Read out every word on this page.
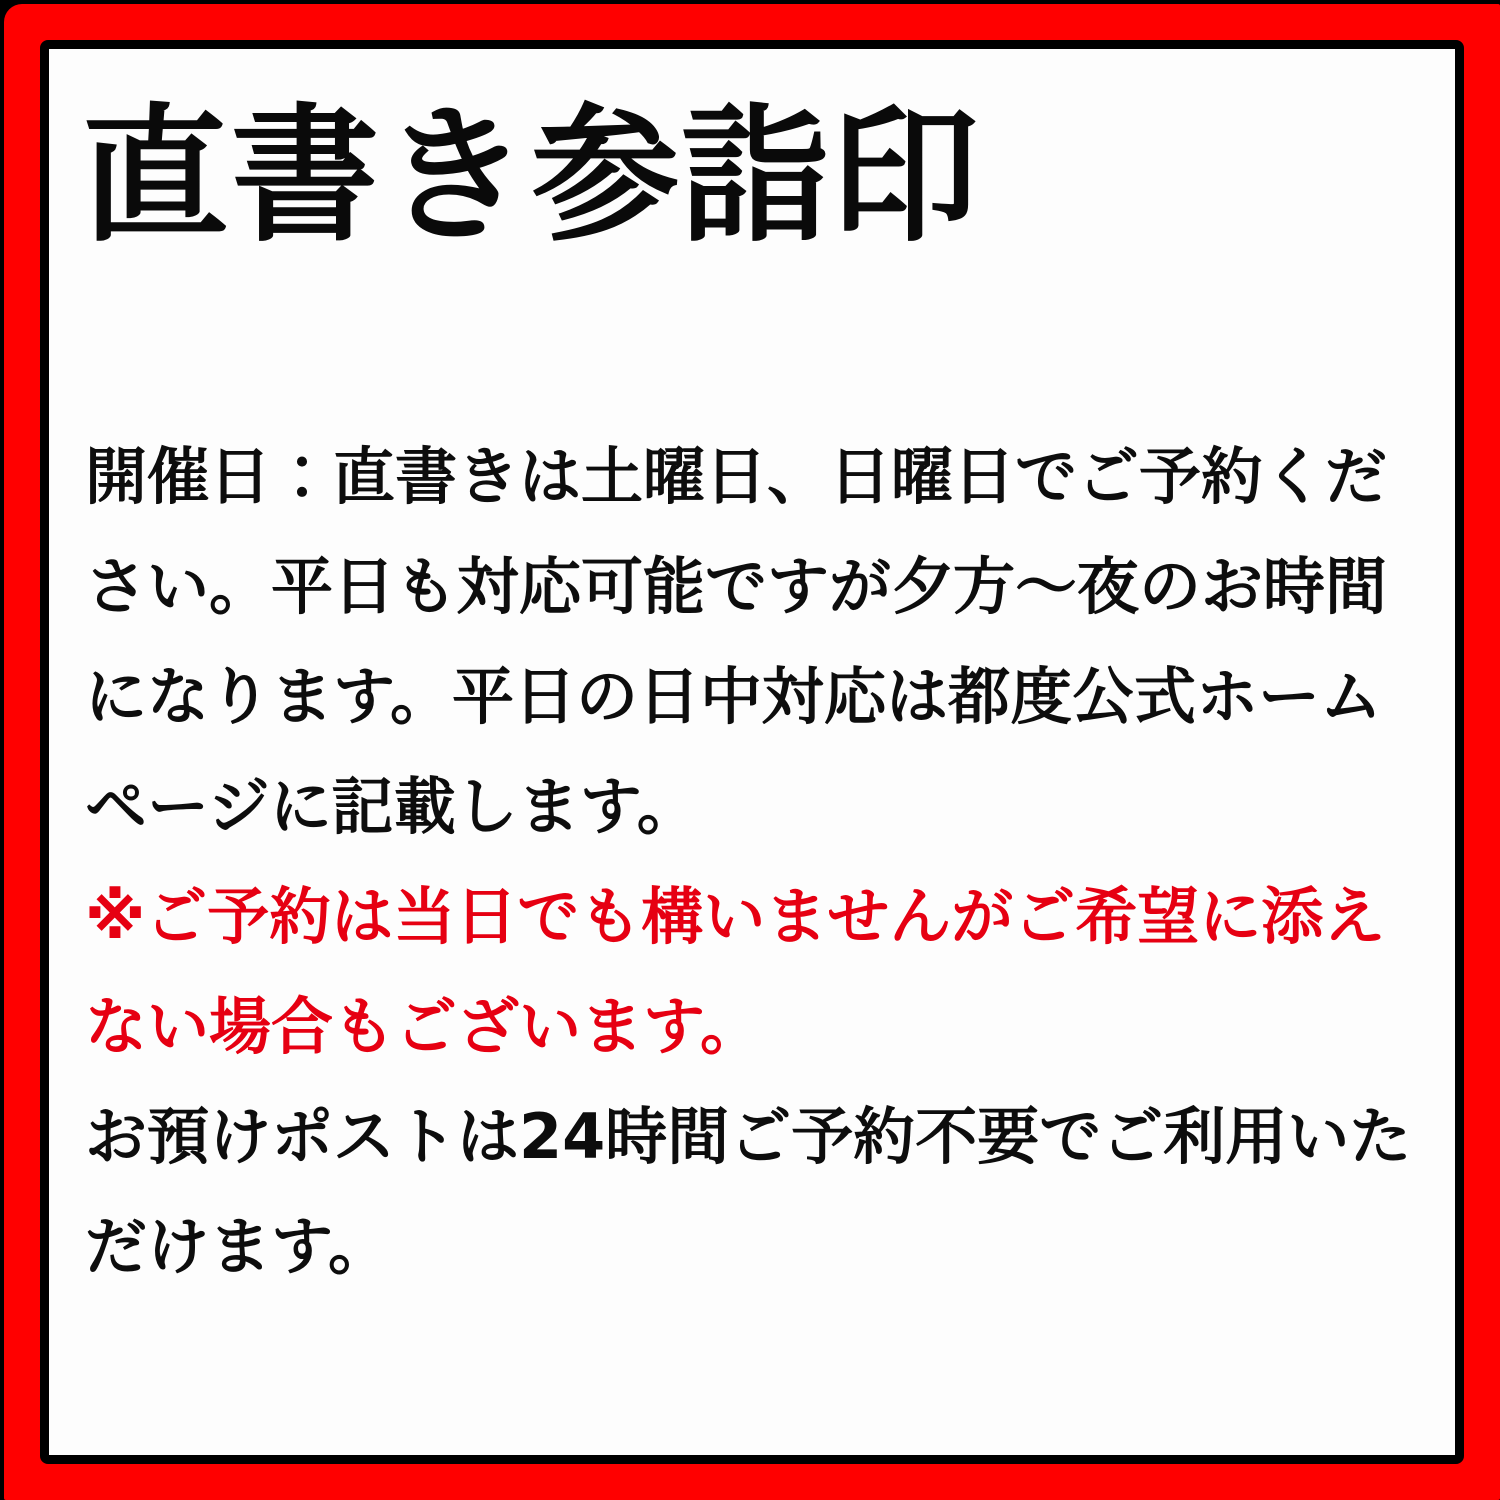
直書き参詣印

開催日：直書きは土曜日、日曜日でご予約ください。平日も対応可能ですが夕方〜夜のお時間になります。平日の日中対応は都度公式ホームページに記載します。

※ご予約は当日でも構いませんがご希望に添えない場合もございます。

お預けポストは24時間ご予約不要でご利用いただけます。
